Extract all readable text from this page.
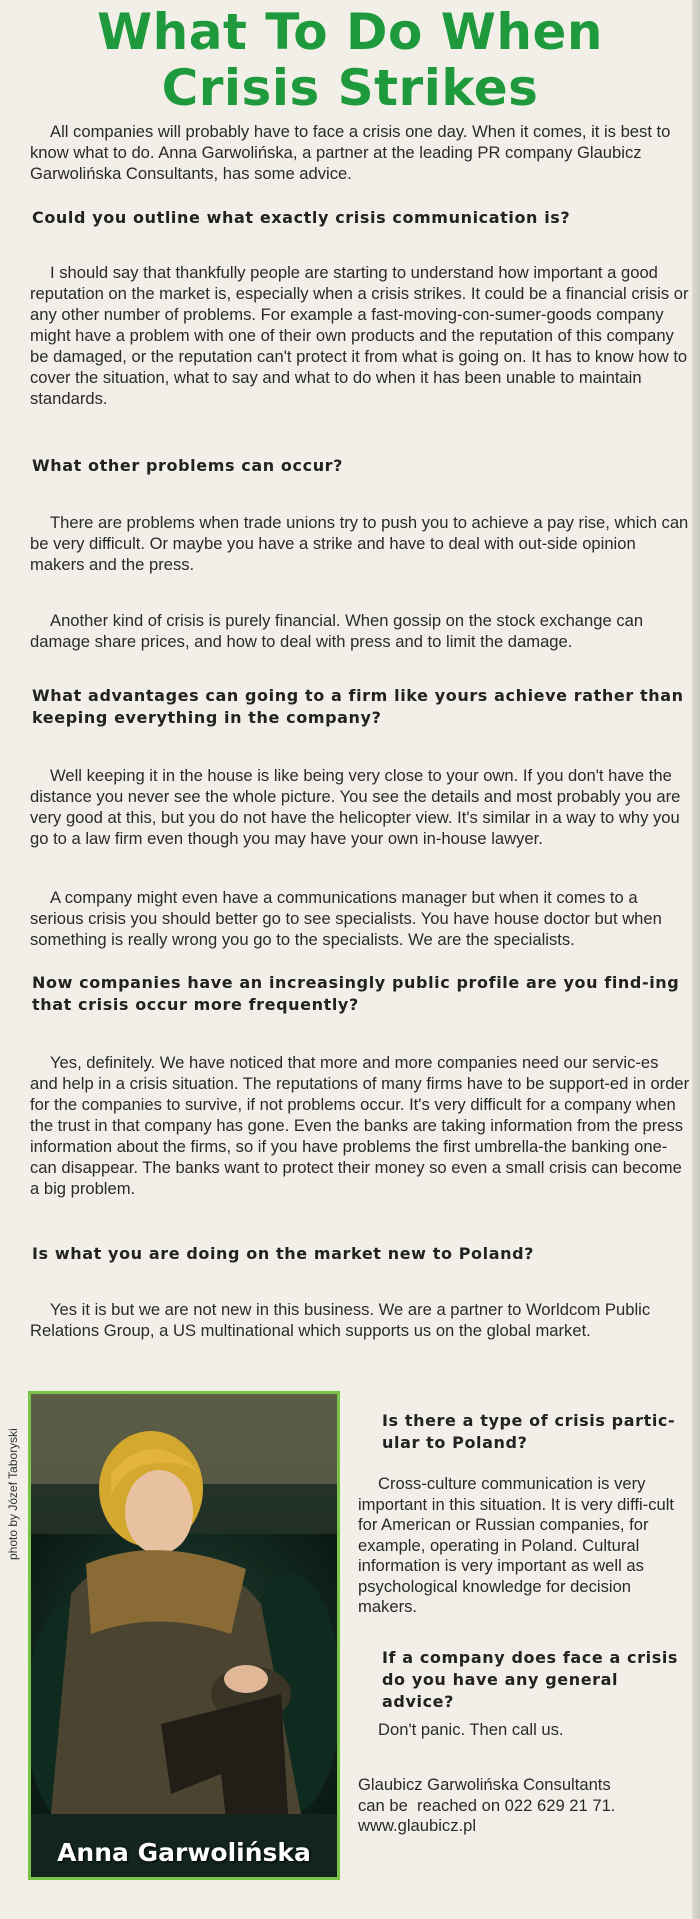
What To Do When
Crisis Strikes
All companies will probably have to face a crisis one day. When it comes, it is best to know what to do. Anna Garwolińska, a partner at the leading PR company Glaubicz Garwolińska Consultants, has some advice.
Could you outline what exactly crisis communication is?
I should say that thankfully people are starting to understand how important a good reputation on the market is, especially when a crisis strikes. It could be a financial crisis or any other number of problems. For example a fast-moving-con-sumer-goods company might have a problem with one of their own products and the reputation of this company be damaged, or the reputation can't protect it from what is going on. It has to know how to cover the situation, what to say and what to do when it has been unable to maintain standards.
What other problems can occur?
There are problems when trade unions try to push you to achieve a pay rise, which can be very difficult. Or maybe you have a strike and have to deal with out-side opinion makers and the press.
Another kind of crisis is purely financial. When gossip on the stock exchange can damage share prices, and how to deal with press and to limit the damage.
What advantages can going to a firm like yours achieve rather than keeping everything in the company?
Well keeping it in the house is like being very close to your own. If you don't have the distance you never see the whole picture. You see the details and most probably you are very good at this, but you do not have the helicopter view. It's similar in a way to why you go to a law firm even though you may have your own in-house lawyer.
A company might even have a communications manager but when it comes to a serious crisis you should better go to see specialists. You have house doctor but when something is really wrong you go to the specialists. We are the specialists.
Now companies have an increasingly public profile are you find-ing that crisis occur more frequently?
Yes, definitely. We have noticed that more and more companies need our servic-es and help in a crisis situation. The reputations of many firms have to be support-ed in order for the companies to survive, if not problems occur. It's very difficult for a company when the trust in that company has gone. Even the banks are taking information from the press information about the firms, so if you have problems the first umbrella-the banking one-can disappear. The banks want to protect their money so even a small crisis can become a big problem.
Is what you are doing on the market new to Poland?
Yes it is but we are not new in this business. We are a partner to Worldcom Public Relations Group, a US multinational which supports us on the global market.
photo by Józef Taboryski
Anna Garwolińska
Is there a type of crisis partic-ular to Poland?
Cross-culture communication is very important in this situation. It is very diffi-cult for American or Russian companies, for example, operating in Poland. Cultural information is very important as well as psychological knowledge for decision makers.
If a company does face a crisis do you have any general advice?
Don't panic. Then call us.
Glaubicz Garwolińska Consultants
can be  reached on 022 629 21 71.
www.glaubicz.pl
